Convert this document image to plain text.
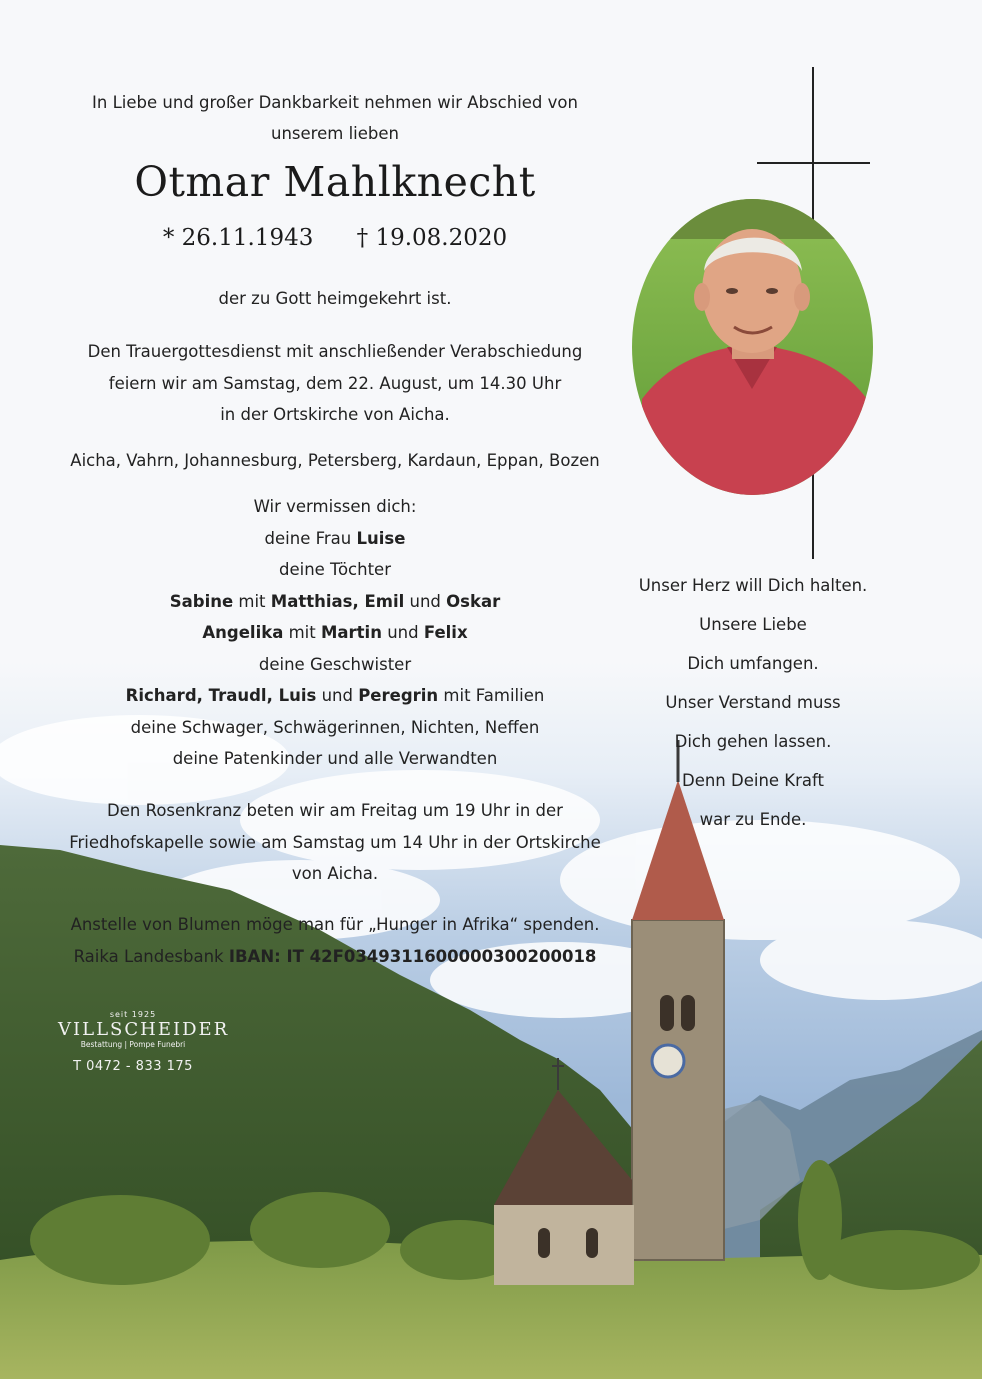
In Liebe und großer Dankbarkeit nehmen wir Abschied von

unserem lieben

Otmar Mahlknecht
* 26.11.1943 † 19.08.2020

der zu Gott heimgekehrt ist.

Den Trauergottesdienst mit anschließender Verabschiedung

feiern wir am Samstag, dem 22. August, um 14.30 Uhr

in der Ortskirche von Aicha.

Aicha, Vahrn, Johannesburg, Petersberg, Kardaun, Eppan, Bozen

Wir vermissen dich:

deine Frau Luise

deine Töchter

Sabine mit Matthias, Emil und Oskar

Angelika mit Martin und Felix

deine Geschwister

Richard, Traudl, Luis und Peregrin mit Familien

deine Schwager, Schwägerinnen, Nichten, Neffen

deine Patenkinder und alle Verwandten

Den Rosenkranz beten wir am Freitag um 19 Uhr in der

Friedhofskapelle sowie am Samstag um 14 Uhr in der Ortskirche

von Aicha.

Anstelle von Blumen möge man für „Hunger in Afrika“ spenden.

Raika Landesbank IBAN: IT 42F0349311600000300200018

Unser Herz will Dich halten.
Unsere Liebe
Dich umfangen.
Unser Verstand muss
Dich gehen lassen.
Denn Deine Kraft
war zu Ende.
seit 1925
VILLSCHEIDER
Bestattung | Pompe Funebri
T 0472 - 833 175
